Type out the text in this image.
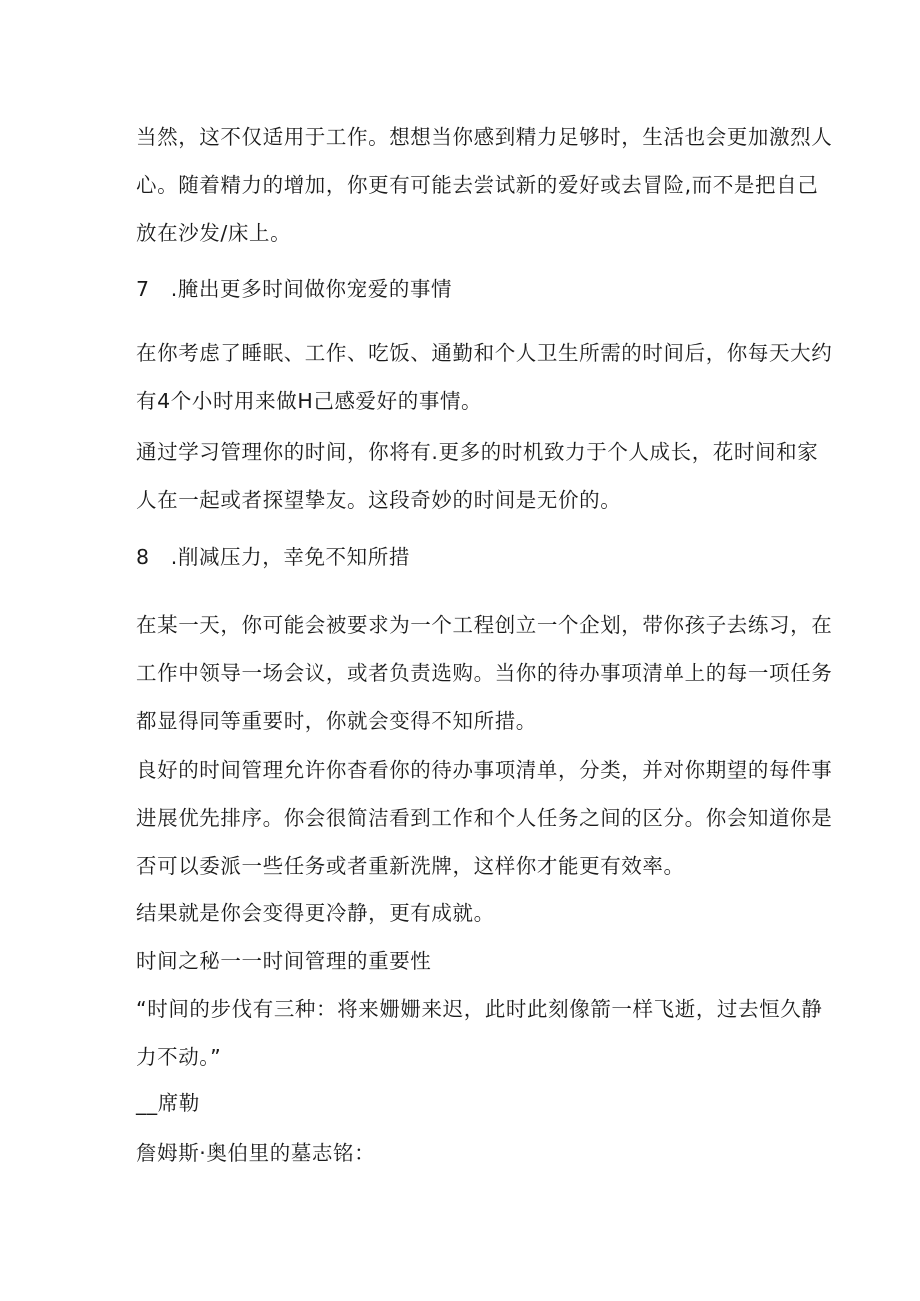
当然，这不仅适用于工作。想想当你感到精力足够时，生活也会更加激烈人
心。随着精力的增加，你更有可能去尝试新的爱好或去冒险,而不是把自己
放在沙发/床上。
7　.腌出更多时间做你宠爱的事情
在你考虑了睡眠、工作、吃饭、通勤和个人卫生所需的时间后，你每天大约
有4个小时用来做H己感爱好的事情。
通过学习管理你的时间，你将有.更多的时机致力于个人成长，花时间和家
人在一起或者探望挚友。这段奇妙的时间是无价的。
8　.削减压力，幸免不知所措
在某一天，你可能会被要求为一个工程创立一个企划，带你孩子去练习，在
工作中领导一场会议，或者负责选购。当你的待办事项清单上的每一项任务
都显得同等重要时，你就会变得不知所措。
良好的时间管理允许你杳看你的待办事项清单，分类，并对你期望的每件事
进展优先排序。你会很简洁看到工作和个人任务之间的区分。你会知道你是
否可以委派一些任务或者重新洗牌，这样你才能更有效率。
结果就是你会变得更冷静，更有成就。
时间之秘一一时间管理的重要性
“时间的步伐有三种：将来姗姗来迟，此时此刻像箭一样飞逝，过去恒久静
力不动。”
__席勒
詹姆斯·奥伯里的墓志铭：
